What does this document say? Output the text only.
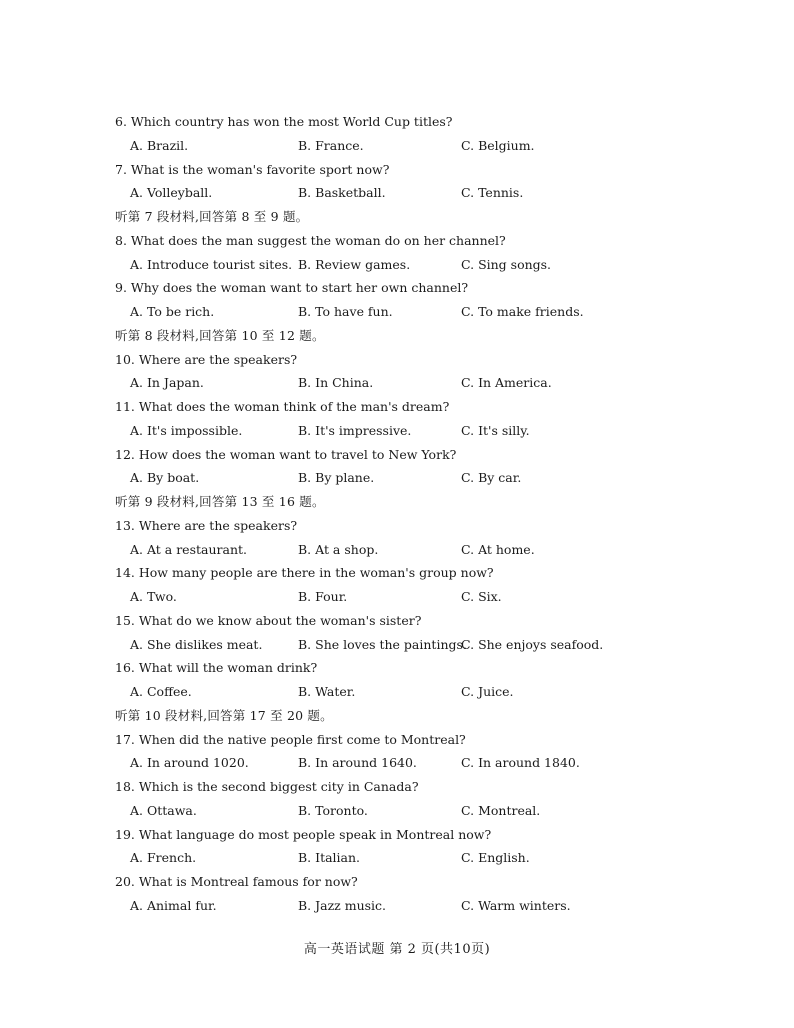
高一英语试题 第 2 页(共10页)
6. Which country has won the most World Cup titles?
A. Brazil.	B. France.	C. Belgium.
7. What is the woman's favorite sport now?
A. Volleyball.	B. Basketball.	C. Tennis.
听第 7 段材料,回答第 8 至 9 题。
8. What does the man suggest the woman do on her channel?
A. Introduce tourist sites. B. Review games.	C. Sing songs.
9. Why does the woman want to start her own channel?
A. To be rich.	B. To have fun.	C. To make friends.
听第 8 段材料,回答第 10 至 12 题。
10. Where are the speakers?
A. In Japan.	B. In China.	C. In America.
11. What does the woman think of the man's dream?
A. It's impossible.	B. It's impressive.	C. It's silly.
12. How does the woman want to travel to New York?
A. By boat.	B. By plane.	C. By car.
听第 9 段材料,回答第 13 至 16 题。
13. Where are the speakers?
A. At a restaurant.	B. At a shop.	C. At home.
14. How many people are there in the woman's group now?
A. Two.	B. Four.	C. Six.
15. What do we know about the woman's sister?
A. She dislikes meat.	B. She loves the paintings.
C. She enjoys seafood.
16. What will the woman drink?
A. Coffee.	B. Water.	C. Juice.
听第 10 段材料,回答第 17 至 20 题。
17. When did the native people first come to Montreal?
A. In around 1020.	B. In around 1640.	C. In around 1840.
18. Which is the second biggest city in Canada?
A. Ottawa.	B. Toronto.	C. Montreal.
19. What language do most people speak in Montreal now?
A. French.	B. Italian.	C. English.
20. What is Montreal famous for now?
A. Animal fur.	B. Jazz music.	C. Warm winters.
